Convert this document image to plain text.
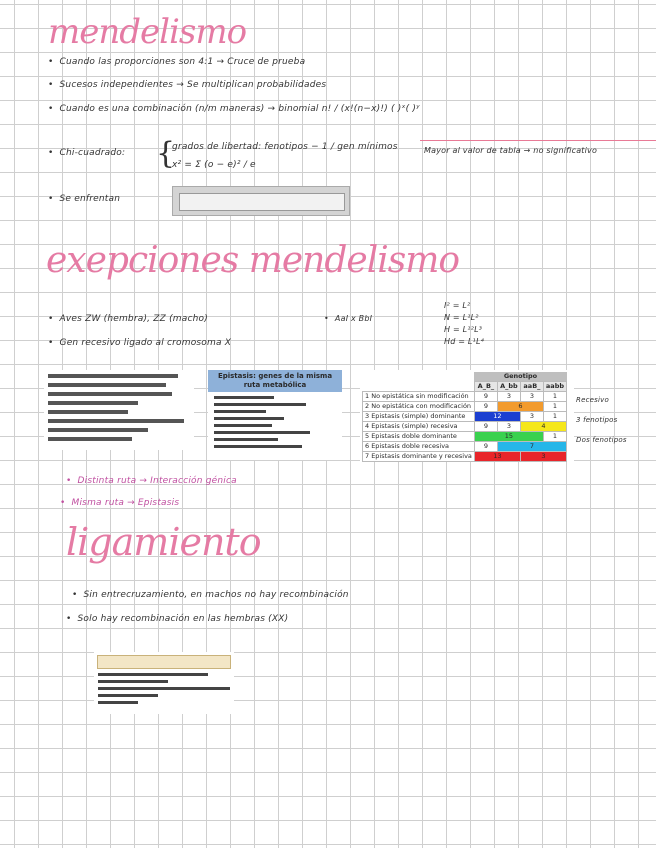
mendelismo
• Cuando las proporciones son 4:1 → Cruce de prueba
• Sucesos independientes → Se multiplican probabilidades
• Cuando es una combinación (n/m maneras) → binomial n! / (x!(n−x)!) ( )ˣ( )ʸ
• Chi-cuadrado: {
grados de libertad: fenotipos − 1 / gen mínimos
x² = Σ (o − e)² / e
Mayor al valor de tabla → no significativo
• Se enfrentan
exepciones mendelismo
• Aves ZW (hembra), ZZ (macho)
• Gen recesivo ligado al cromosoma X
• AaI x BbI
I² = L²
N = L¹L²
H = L¹²L³
Hd = L¹L⁴
Epistasis: genes de la misma ruta metabólica
	Genotipo			
	A_B_	A_bb	aaB_	aabb
1 No epistática sin modificación	9	3	3	1
2 No epistática con modificación	9	6		1
3 Epistasis (simple) dominante	12		3	1
4 Epistasis (simple) recesiva	9	3	4	
5 Epistasis doble dominante	15			1
6 Epistasis doble recesiva	9	7		
7 Epistasis dominante y recesiva	13		3	
Recesivo
3 fenotipos
Dos fenotipos
• Distinta ruta → Interacción génica
• Misma ruta → Epistasis
ligamiento
• Sin entrecruzamiento, en machos no hay recombinación
• Solo hay recombinación en las hembras (XX)
